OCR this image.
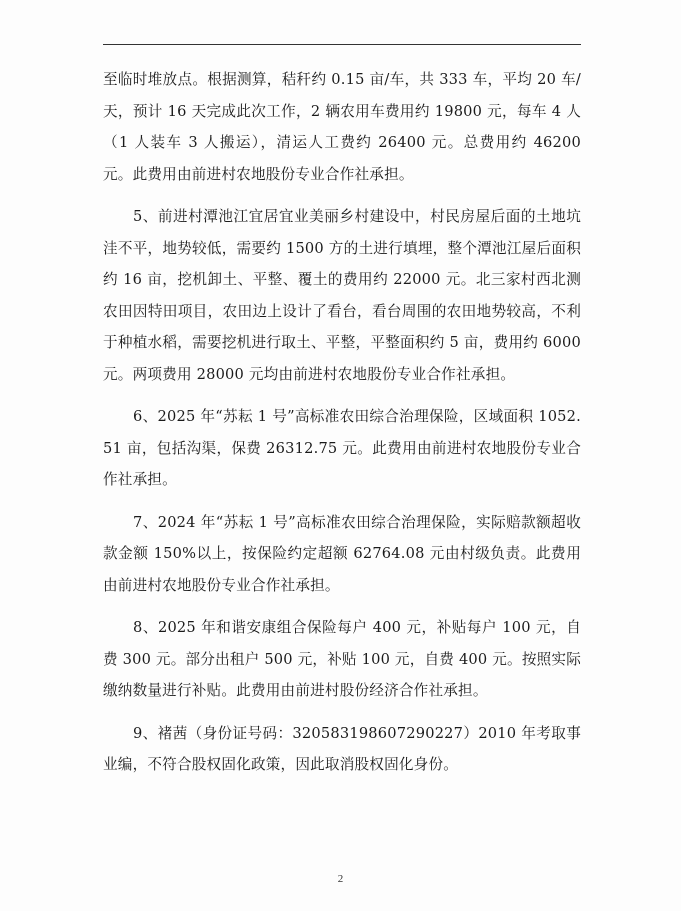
至临时堆放点。根据测算，秸秆约 0.15 亩/车，共 333 车，平均 20 车/天，预计 16 天完成此次工作，2 辆农用车费用约 19800 元，每车 4 人（1 人装车 3 人搬运），清运人工费约 26400 元。总费用约 46200 元。此费用由前进村农地股份专业合作社承担。

5、前进村潭池江宜居宜业美丽乡村建设中，村民房屋后面的土地坑洼不平，地势较低，需要约 1500 方的土进行填埋，整个潭池江屋后面积约 16 亩，挖机卸土、平整、覆土的费用约 22000 元。北三家村西北测农田因特田项目，农田边上设计了看台，看台周围的农田地势较高，不利于种植水稻，需要挖机进行取土、平整，平整面积约 5 亩，费用约 6000 元。两项费用 28000 元均由前进村农地股份专业合作社承担。

6、2025 年“苏耘 1 号”高标准农田综合治理保险，区域面积 1052.51 亩，包括沟渠，保费 26312.75 元。此费用由前进村农地股份专业合作社承担。

7、2024 年“苏耘 1 号”高标准农田综合治理保险，实际赔款额超收款金额 150%以上，按保险约定超额 62764.08 元由村级负责。此费用由前进村农地股份专业合作社承担。

8、2025 年和谐安康组合保险每户 400 元，补贴每户 100 元，自费 300 元。部分出租户 500 元，补贴 100 元，自费 400 元。按照实际缴纳数量进行补贴。此费用由前进村股份经济合作社承担。

9、褚茜（身份证号码：320583198607290227）2010 年考取事业编，不符合股权固化政策，因此取消股权固化身份。

2
